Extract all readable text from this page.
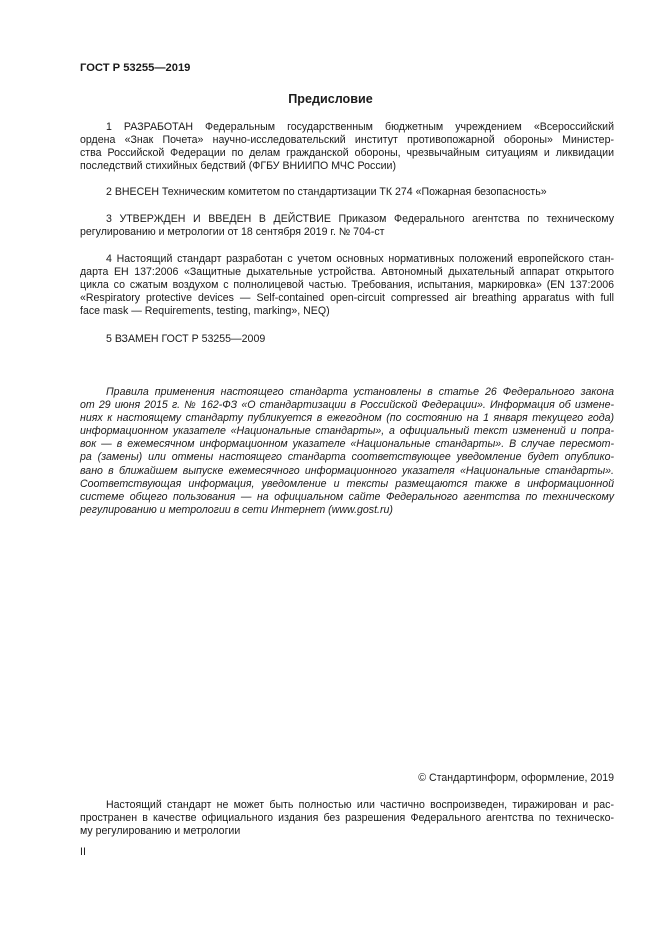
ГОСТ Р 53255—2019
Предисловие
1 РАЗРАБОТАН Федеральным государственным бюджетным учреждением «Всероссийский
ордена «Знак Почета» научно-исследовательский институт противопожарной обороны» Министер-
ства Российской Федерации по делам гражданской обороны, чрезвычайным ситуациям и ликвидации
последствий стихийных бедствий (ФГБУ ВНИИПО МЧС России)
2 ВНЕСЕН Техническим комитетом по стандартизации ТК 274 «Пожарная безопасность»
3 УТВЕРЖДЕН И ВВЕДЕН В ДЕЙСТВИЕ Приказом Федерального агентства по техническому
регулированию и метрологии от 18 сентября 2019 г. № 704-ст
4 Настоящий стандарт разработан с учетом основных нормативных положений европейского стан-
дарта ЕН 137:2006 «Защитные дыхательные устройства. Автономный дыхательный аппарат открытого
цикла со сжатым воздухом с полнолицевой частью. Требования, испытания, маркировка» (EN 137:2006
«Respiratory protective devices — Self-contained open-circuit compressed air breathing apparatus with full
face mask — Requirements, testing, marking», NEQ)
5 ВЗАМЕН ГОСТ Р 53255—2009
Правила применения настоящего стандарта установлены в статье 26 Федерального закона
от 29 июня 2015 г. № 162-ФЗ «О стандартизации в Российской Федерации». Информация об измене-
ниях к настоящему стандарту публикуется в ежегодном (по состоянию на 1 января текущего года)
информационном указателе «Национальные стандарты», а официальный текст изменений и попра-
вок — в ежемесячном информационном указателе «Национальные стандарты». В случае пересмот-
ра (замены) или отмены настоящего стандарта соответствующее уведомление будет опублико-
вано в ближайшем выпуске ежемесячного информационного указателя «Национальные стандарты».
Соответствующая информация, уведомление и тексты размещаются также в информационной
системе общего пользования — на официальном сайте Федерального агентства по техническому
регулированию и метрологии в сети Интернет (www.gost.ru)
© Стандартинформ, оформление, 2019
Настоящий стандарт не может быть полностью или частично воспроизведен, тиражирован и рас-
пространен в качестве официального издания без разрешения Федерального агентства по техническо-
му регулированию и метрологии
II
